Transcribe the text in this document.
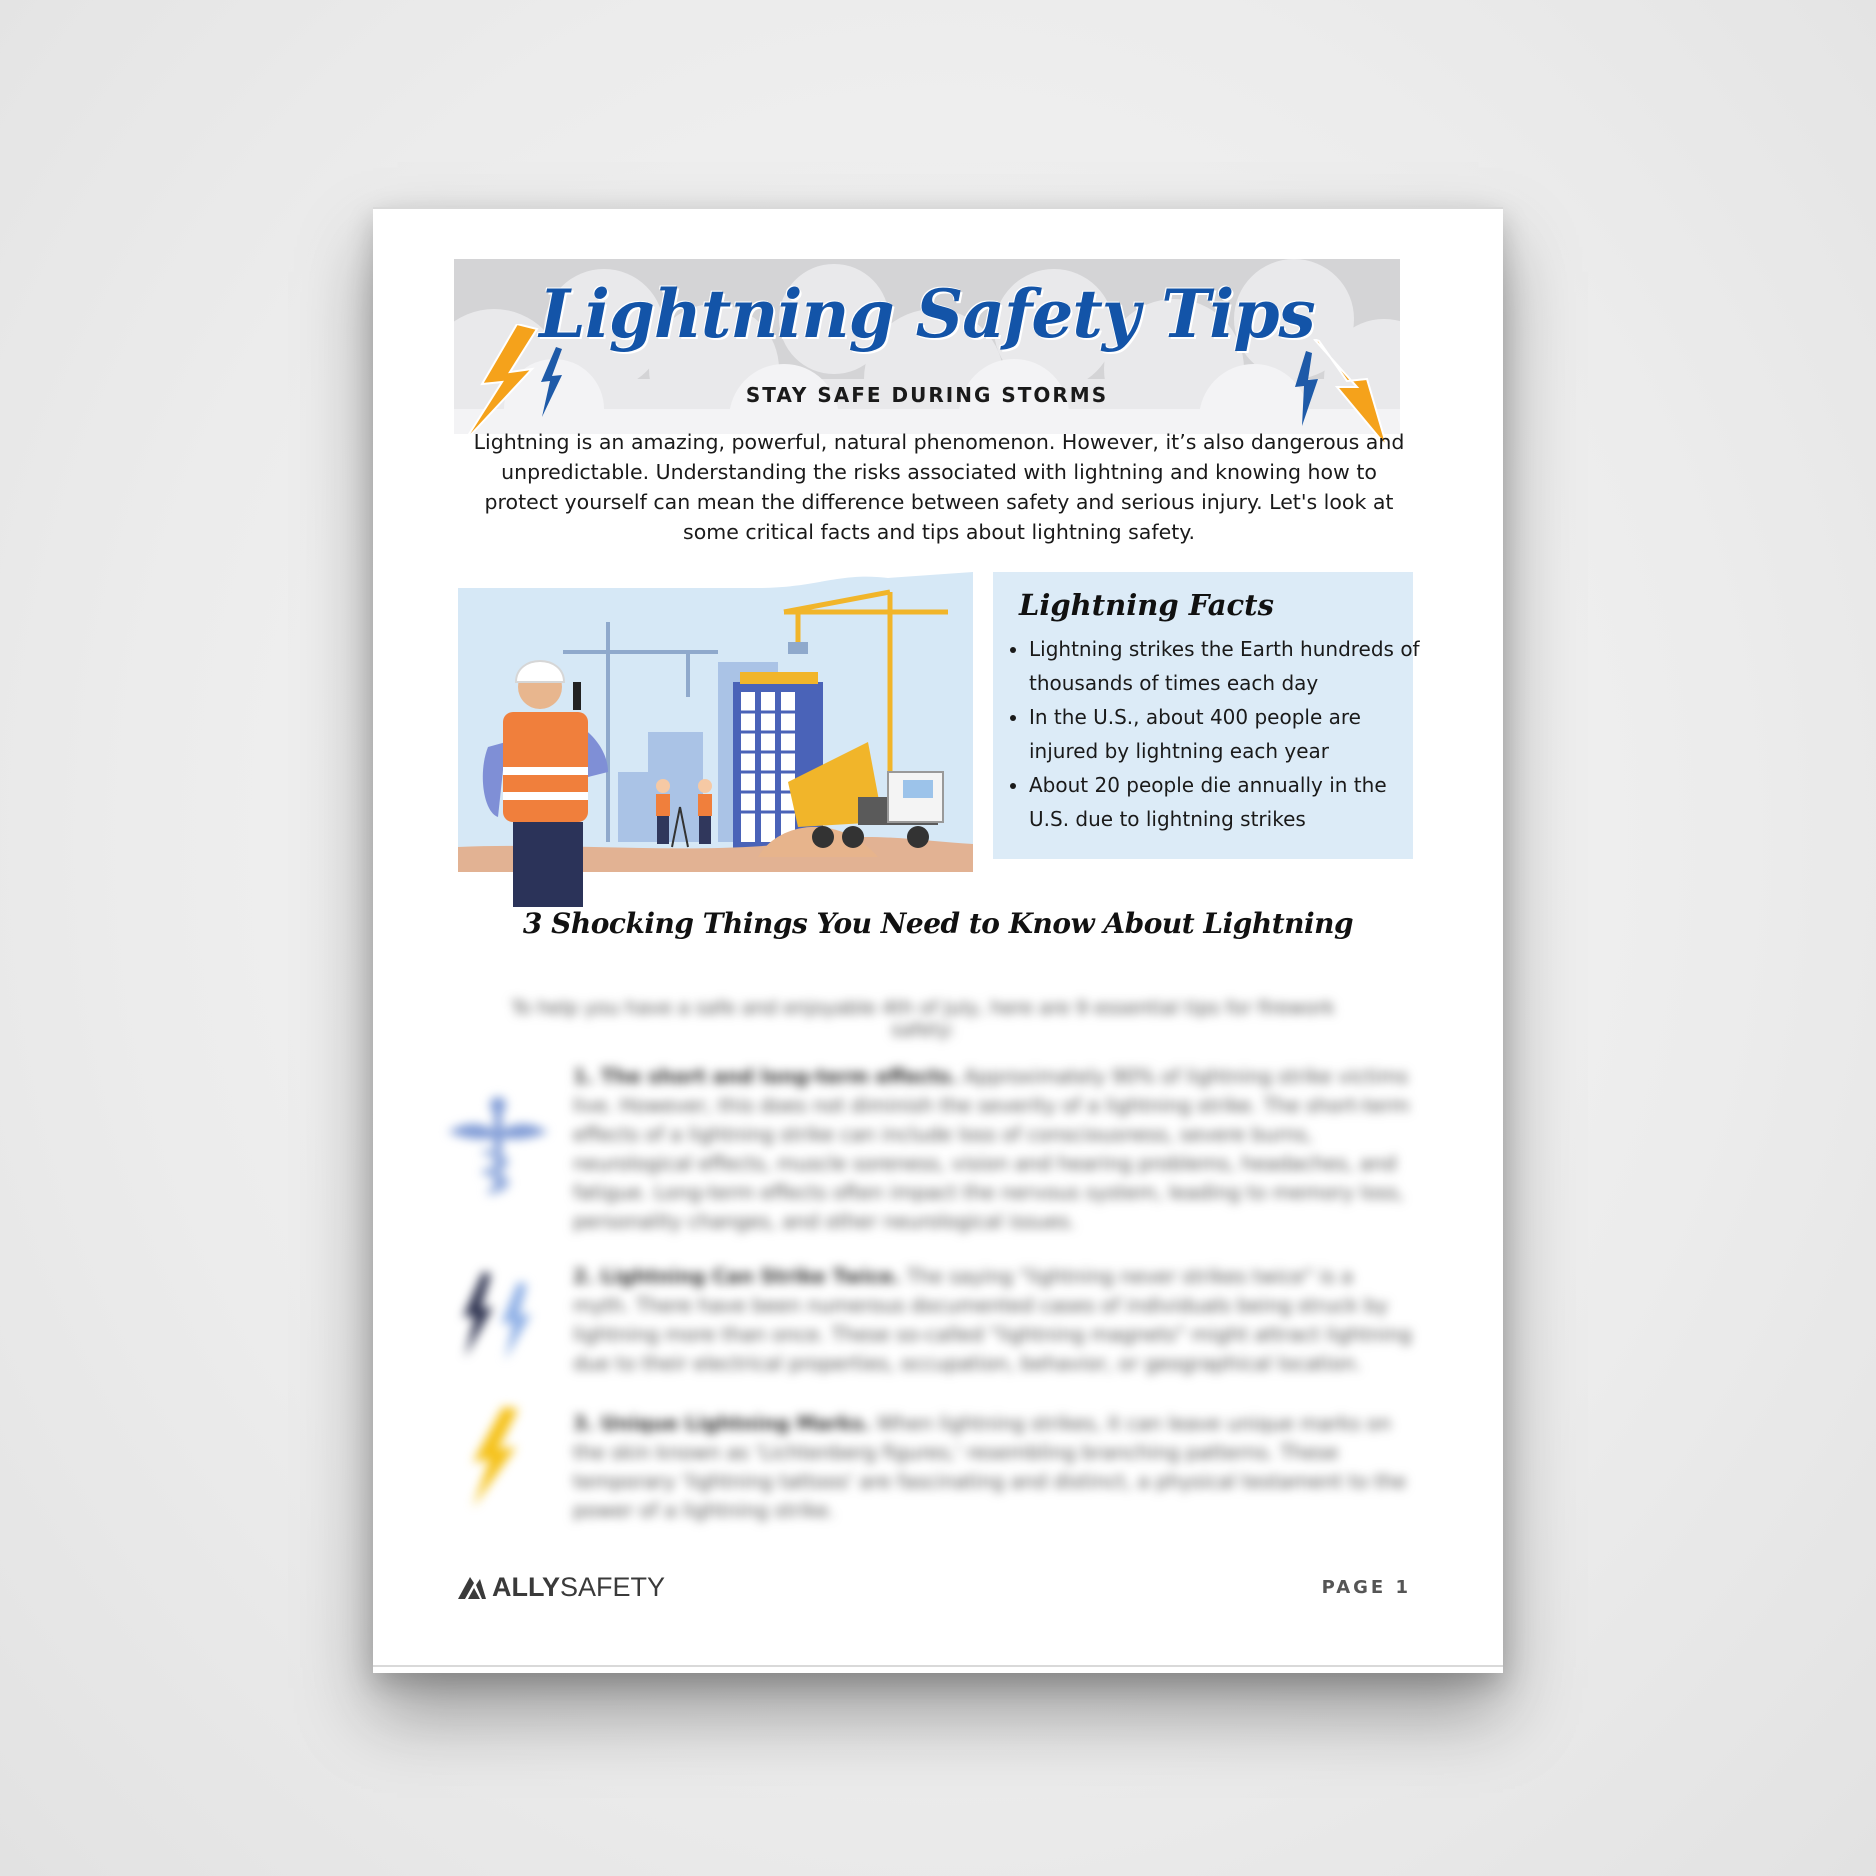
Lightning Safety Tips
STAY SAFE DURING STORMS
Lightning is an amazing, powerful, natural phenomenon. However, it’s also dangerous and unpredictable. Understanding the risks associated with lightning and knowing how to protect yourself can mean the difference between safety and serious injury. Let's look at some critical facts and tips about lightning safety.
Lightning Facts
• Lightning strikes the Earth hundreds of thousands of times each day
• In the U.S., about 400 people are injured by lightning each year
• About 20 people die annually in the U.S. due to lightning strikes
3 Shocking Things You Need to Know About Lightning
To help you have a safe and enjoyable 4th of July, here are 9 essential tips for firework safety:
1. The short and long-term effects. Approximately 90% of lightning strike victims live. However, this does not diminish the severity of a lightning strike. The short-term effects of a lightning strike can include loss of consciousness, severe burns, neurological effects, muscle soreness, vision and hearing problems, headaches, and fatigue. Long-term effects often impact the nervous system, leading to memory loss, personality changes, and other neurological issues.
2. Lightning Can Strike Twice. The saying "lightning never strikes twice" is a myth. There have been numerous documented cases of individuals being struck by lightning more than once. These so-called "lightning magnets" might attract lightning due to their electrical properties, occupation, behavior, or geographical location.
3. Unique Lightning Marks. When lightning strikes, it can leave unique marks on the skin known as 'Lichtenberg figures,' resembling branching patterns. These temporary 'lightning tattoos' are fascinating and distinct, a physical testament to the power of a lightning strike.
ALLYSAFETY	PAGE 1
